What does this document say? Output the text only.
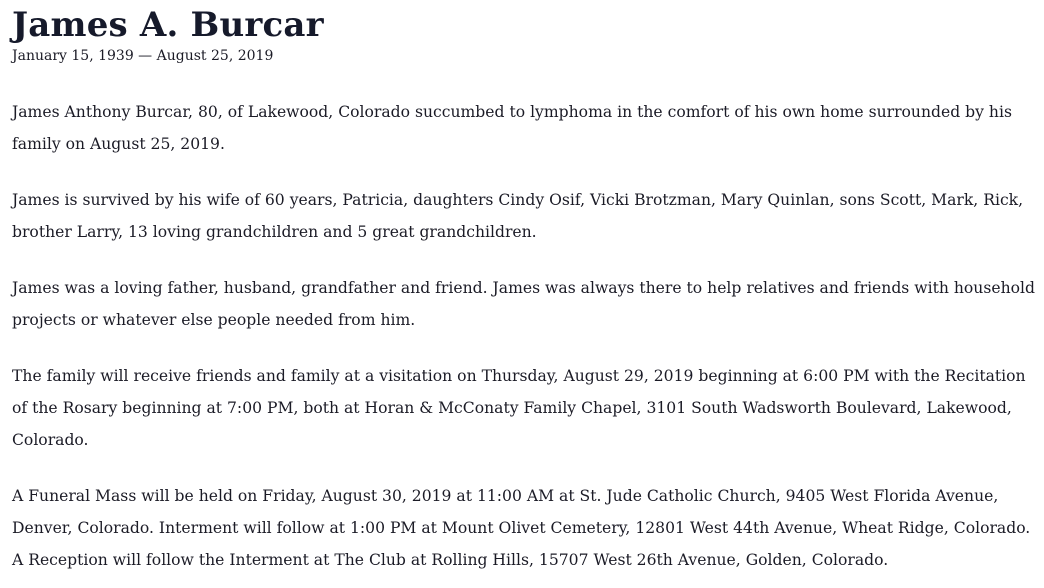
James A. Burcar
January 15, 1939 — August 25, 2019

James Anthony Burcar, 80, of Lakewood, Colorado succumbed to lymphoma in the comfort of his own home surrounded by his
family on August 25, 2019.

James is survived by his wife of 60 years, Patricia, daughters Cindy Osif, Vicki Brotzman, Mary Quinlan, sons Scott, Mark, Rick,
brother Larry, 13 loving grandchildren and 5 great grandchildren.

James was a loving father, husband, grandfather and friend. James was always there to help relatives and friends with household
projects or whatever else people needed from him.

The family will receive friends and family at a visitation on Thursday, August 29, 2019 beginning at 6:00 PM with the Recitation
of the Rosary beginning at 7:00 PM, both at Horan & McConaty Family Chapel, 3101 South Wadsworth Boulevard, Lakewood,
Colorado.

A Funeral Mass will be held on Friday, August 30, 2019 at 11:00 AM at St. Jude Catholic Church, 9405 West Florida Avenue,
Denver, Colorado. Interment will follow at 1:00 PM at Mount Olivet Cemetery, 12801 West 44th Avenue, Wheat Ridge, Colorado.
A Reception will follow the Interment at The Club at Rolling Hills, 15707 West 26th Avenue, Golden, Colorado.
